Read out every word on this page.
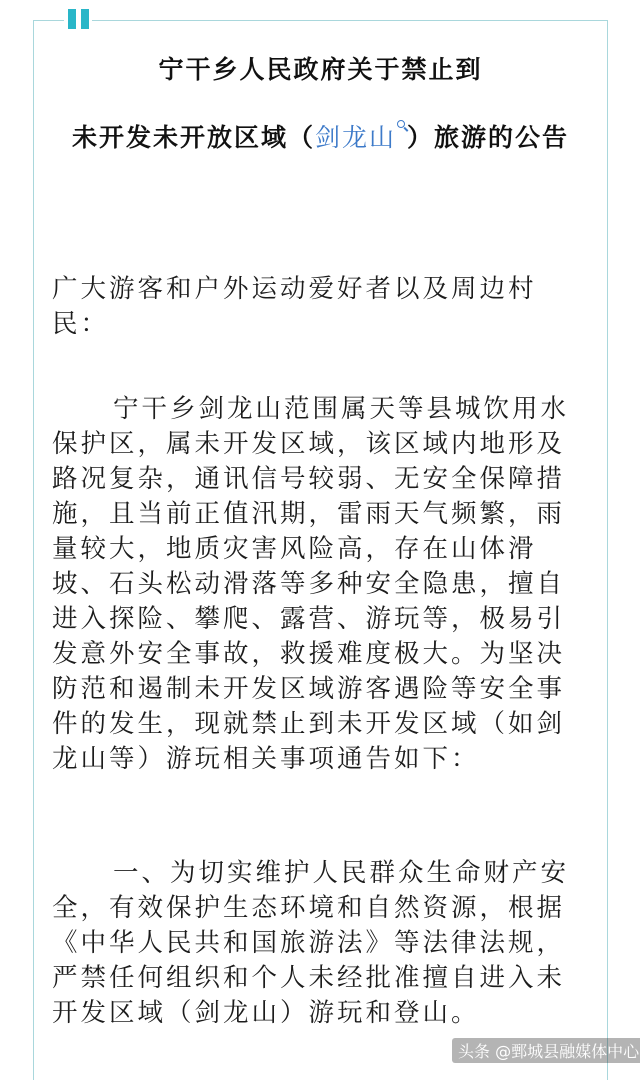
宁干乡人民政府关于禁止到
未开发未开放区域（剑龙山 ）旅游的公告

广大游客和户外运动爱好者以及周边村民：

宁干乡剑龙山范围属天等县城饮用水保护区，属未开发区域，该区域内地形及路况复杂，通讯信号较弱、无安全保障措施，且当前正值汛期，雷雨天气频繁，雨量较大，地质灾害风险高，存在山体滑坡、石头松动滑落等多种安全隐患，擅自进入探险、攀爬、露营、游玩等，极易引发意外安全事故，救援难度极大。为坚决防范和遏制未开发区域游客遇险等安全事件的发生，现就禁止到未开发区域（如剑龙山等）游玩相关事项通告如下：

一、为切实维护人民群众生命财产安全，有效保护生态环境和自然资源，根据《中华人民共和国旅游法》等法律法规，严禁任何组织和个人未经批准擅自进入未开发区域（剑龙山）游玩和登山。

头条 @鄄城县融媒体中心
